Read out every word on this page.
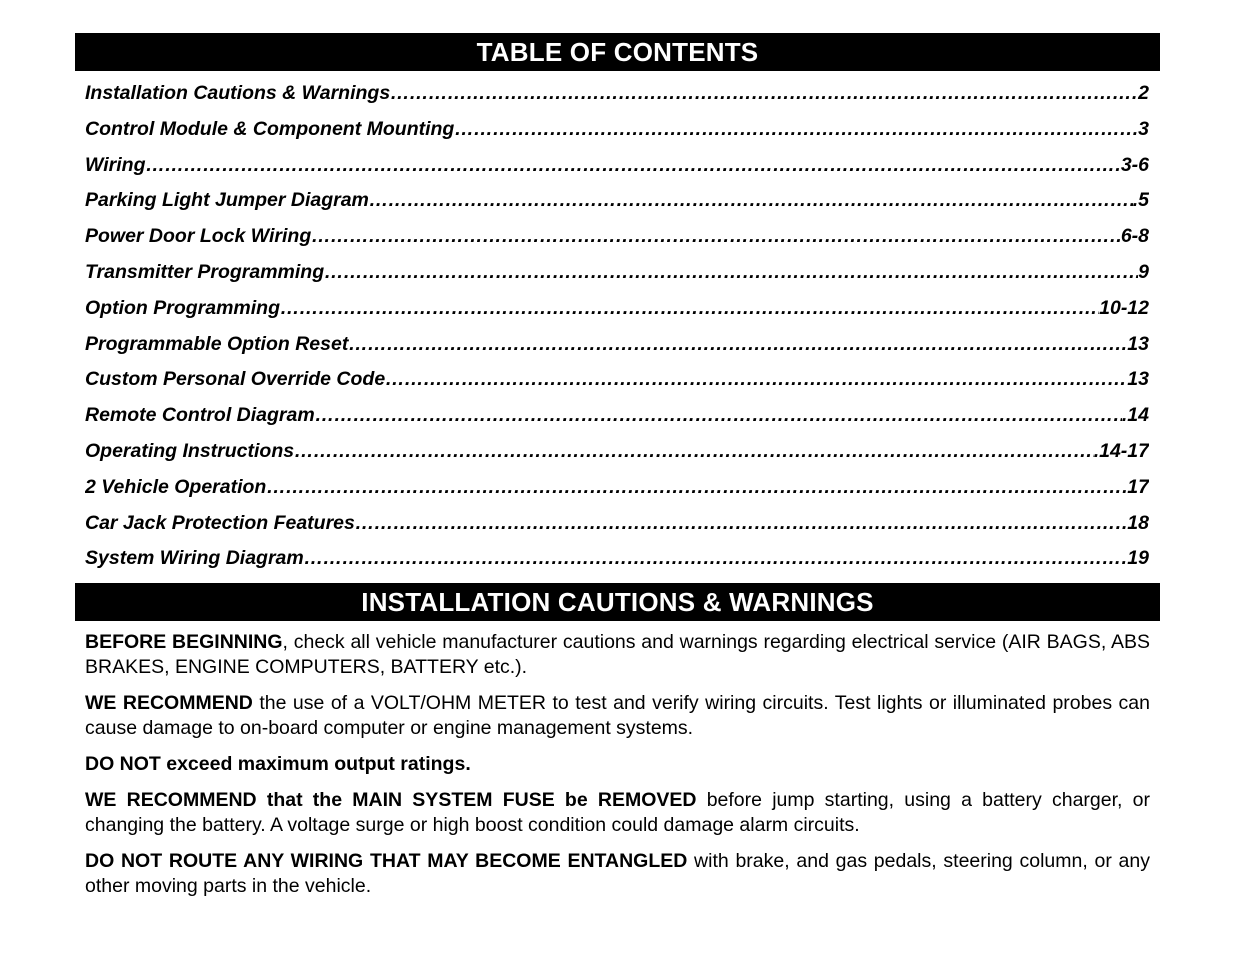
TABLE OF CONTENTS
Installation Cautions & Warnings …………………………………………………………………………………………………………………………………………………………………………………………	2
Control Module & Component Mounting …………………………………………………………………………………………………………………………………………………………………………………………	.3
Wiring …………………………………………………………………………………………………………………………………………………………………………………………	3-6
Parking Light Jumper Diagram …………………………………………………………………………………………………………………………………………………………………………………………	.5
Power Door Lock Wiring …………………………………………………………………………………………………………………………………………………………………………………………	6-8
Transmitter Programming …………………………………………………………………………………………………………………………………………………………………………………………	9
Option Programming …………………………………………………………………………………………………………………………………………………………………………………………	10-12
Programmable Option Reset …………………………………………………………………………………………………………………………………………………………………………………………	13
Custom Personal Override Code …………………………………………………………………………………………………………………………………………………………………………………………	13
Remote Control Diagram …………………………………………………………………………………………………………………………………………………………………………………………	.14
Operating Instructions …………………………………………………………………………………………………………………………………………………………………………………………	.14-17
2 Vehicle Operation …………………………………………………………………………………………………………………………………………………………………………………………	17
Car Jack Protection Features …………………………………………………………………………………………………………………………………………………………………………………………	18
System Wiring Diagram …………………………………………………………………………………………………………………………………………………………………………………………	19
INSTALLATION CAUTIONS & WARNINGS

BEFORE BEGINNING, check all vehicle manufacturer cautions and warnings regarding electrical service (AIR BAGS, ABS BRAKES, ENGINE COMPUTERS, BATTERY etc.).

WE RECOMMEND the use of a VOLT/OHM METER to test and verify wiring circuits. Test lights or illuminated probes can cause damage to on-board computer or engine management systems.

DO NOT exceed maximum output ratings.

WE RECOMMEND that the MAIN SYSTEM FUSE be REMOVED before jump starting, using a battery charger, or changing the battery. A voltage surge or high boost condition could damage alarm circuits.

DO NOT ROUTE ANY WIRING THAT MAY BECOME ENTANGLED with brake, and gas pedals, steering column, or any other moving parts in the vehicle.
